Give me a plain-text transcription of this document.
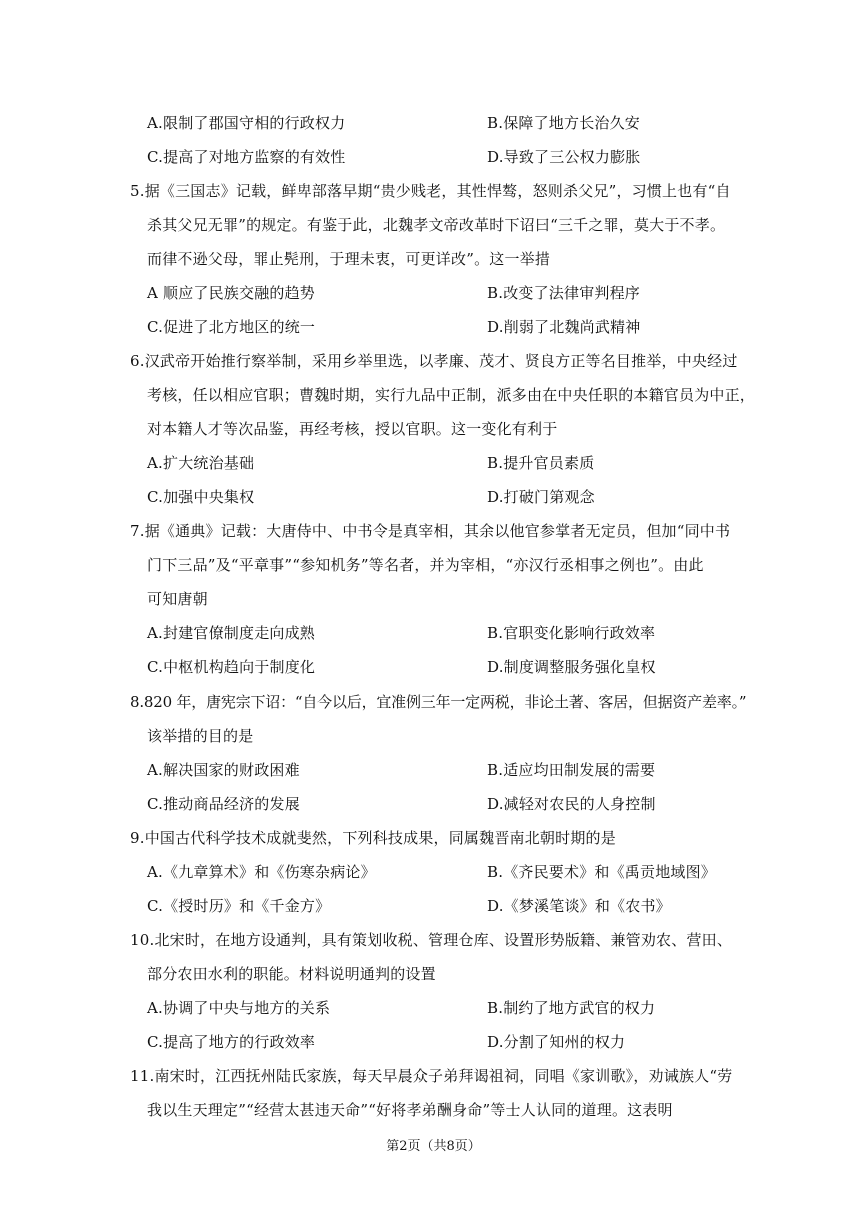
A.限制了郡国守相的行政权力	B.保障了地方长治久安
C.提高了对地方监察的有效性	D.导致了三公权力膨胀
5.据《三国志》记载，鲜卑部落早期“贵少贱老，其性悍骜，怒则杀父兄”，习惯上也有“自
杀其父兄无罪”的规定。有鉴于此，北魏孝文帝改革时下诏曰“三千之罪，莫大于不孝。
而律不逊父母，罪止髡刑，于理未衷，可更详改”。这一举措
A 顺应了民族交融的趋势	B.改变了法律审判程序
C.促进了北方地区的统一	D.削弱了北魏尚武精神
6.汉武帝开始推行察举制，采用乡举里选，以孝廉、茂才、贤良方正等名目推举，中央经过
考核，任以相应官职；曹魏时期，实行九品中正制，派多由在中央任职的本籍官员为中正，
对本籍人才等次品鉴，再经考核，授以官职。这一变化有利于
A.扩大统治基础	B.提升官员素质
C.加强中央集权	D.打破门第观念
7.据《通典》记载：大唐侍中、中书令是真宰相，其余以他官参掌者无定员，但加“同中书
门下三品”及“平章事”“参知机务”等名者，并为宰相，“亦汉行丞相事之例也”。由此
可知唐朝
A.封建官僚制度走向成熟	B.官职变化影响行政效率
C.中枢机构趋向于制度化	D.制度调整服务强化皇权
8.820 年，唐宪宗下诏：“自今以后，宜准例三年一定两税，非论土著、客居，但据资产差率。”
该举措的目的是
A.解决国家的财政困难	B.适应均田制发展的需要
C.推动商品经济的发展	D.减轻对农民的人身控制
9.中国古代科学技术成就斐然，下列科技成果，同属魏晋南北朝时期的是
A.《九章算术》和《伤寒杂病论》	B.《齐民要术》和《禹贡地域图》
C.《授时历》和《千金方》	D.《梦溪笔谈》和《农书》
10.北宋时，在地方设通判，具有策划收税、管理仓库、设置形势版籍、兼管劝农、营田、
部分农田水利的职能。材料说明通判的设置
A.协调了中央与地方的关系	B.制约了地方武官的权力
C.提高了地方的行政效率	D.分割了知州的权力
11.南宋时，江西抚州陆氏家族，每天早晨众子弟拜谒祖祠，同唱《家训歌》，劝诫族人“劳
我以生天理定”“经营太甚违天命”“好将孝弟酬身命”等士人认同的道理。这表明
第2页（共8页）
